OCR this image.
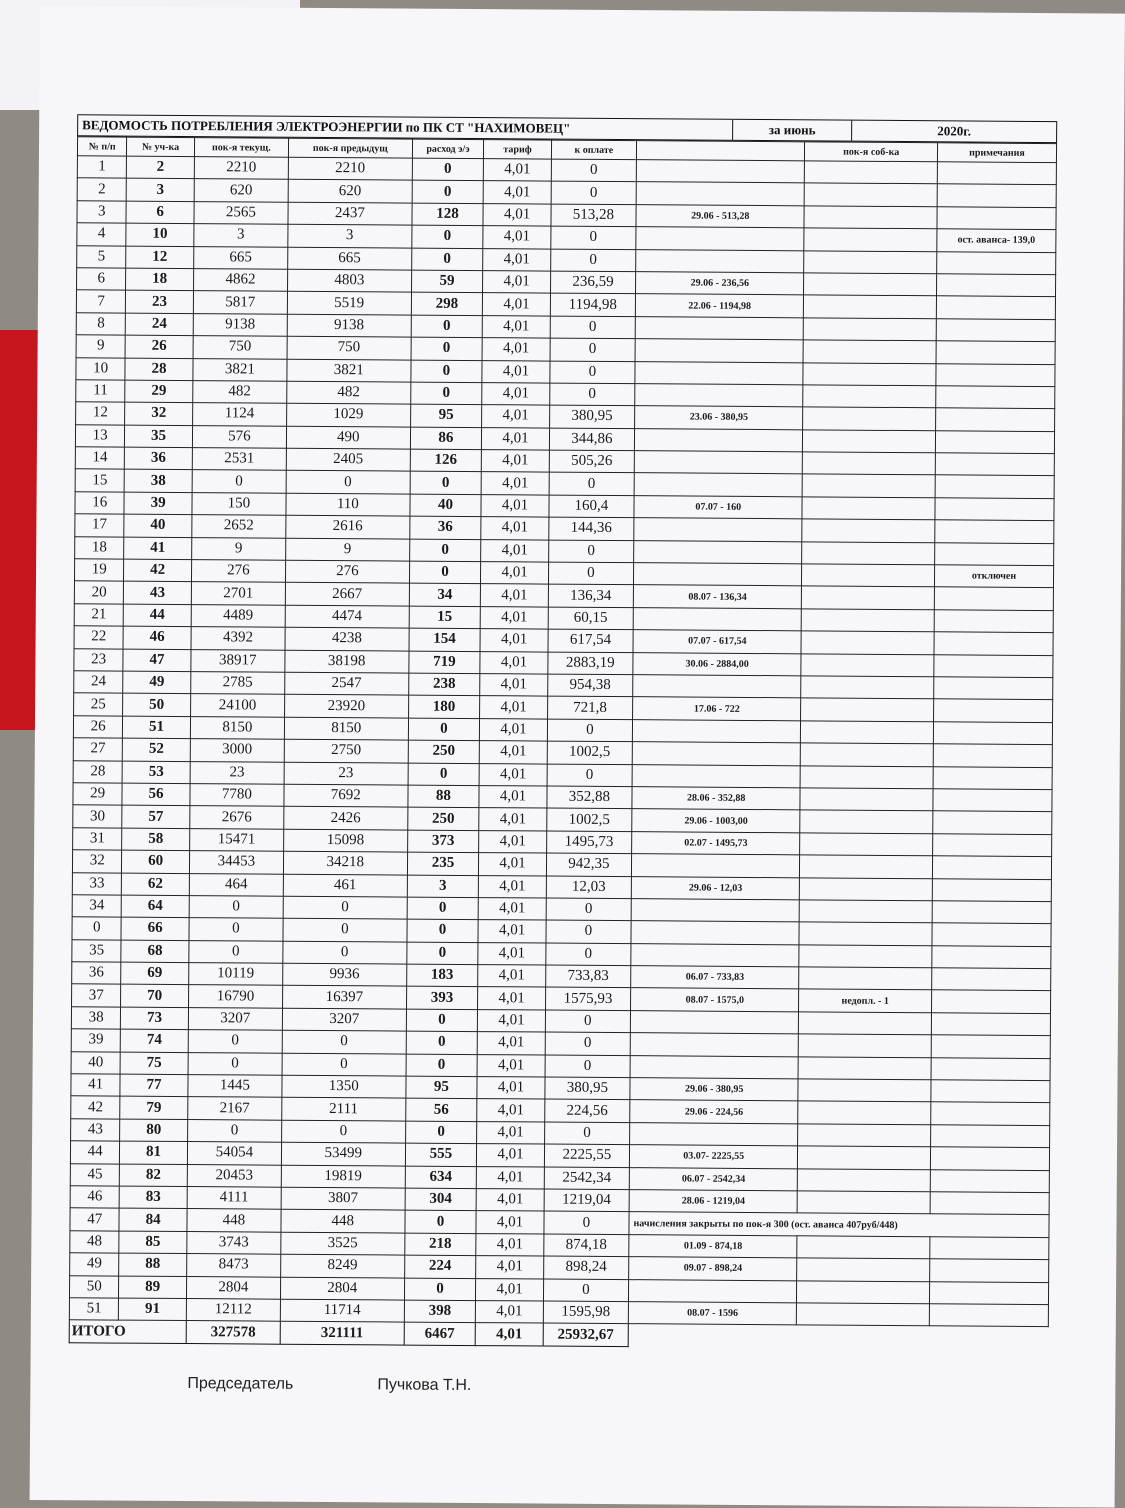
ВЕДОМОСТЬ ПОТРЕБЛЕНИЯ ЭЛЕКТРОЭНЕРГИИ по ПК СТ "НАХИМОВЕЦ"	за июнь	2020г.
№ п/п	№ уч-ка	пок-я текущ.	пок-я предыдущ	расход э/э	тариф	к оплате		пок-я соб-ка	примечания
1	2	2210	2210	0	4,01	0			
2	3	620	620	0	4,01	0			
3	6	2565	2437	128	4,01	513,28	29.06 - 513,28		
4	10	3	3	0	4,01	0			ост. аванса- 139,0
5	12	665	665	0	4,01	0			
6	18	4862	4803	59	4,01	236,59	29.06 - 236,56		
7	23	5817	5519	298	4,01	1194,98	22.06 - 1194,98		
8	24	9138	9138	0	4,01	0			
9	26	750	750	0	4,01	0			
10	28	3821	3821	0	4,01	0			
11	29	482	482	0	4,01	0			
12	32	1124	1029	95	4,01	380,95	23.06 - 380,95		
13	35	576	490	86	4,01	344,86			
14	36	2531	2405	126	4,01	505,26			
15	38	0	0	0	4,01	0			
16	39	150	110	40	4,01	160,4	07.07 - 160		
17	40	2652	2616	36	4,01	144,36			
18	41	9	9	0	4,01	0			
19	42	276	276	0	4,01	0			отключен
20	43	2701	2667	34	4,01	136,34	08.07 - 136,34		
21	44	4489	4474	15	4,01	60,15			
22	46	4392	4238	154	4,01	617,54	07.07 - 617,54		
23	47	38917	38198	719	4,01	2883,19	30.06 - 2884,00		
24	49	2785	2547	238	4,01	954,38			
25	50	24100	23920	180	4,01	721,8	17.06 - 722		
26	51	8150	8150	0	4,01	0			
27	52	3000	2750	250	4,01	1002,5			
28	53	23	23	0	4,01	0			
29	56	7780	7692	88	4,01	352,88	28.06 - 352,88		
30	57	2676	2426	250	4,01	1002,5	29.06 - 1003,00		
31	58	15471	15098	373	4,01	1495,73	02.07 - 1495,73		
32	60	34453	34218	235	4,01	942,35			
33	62	464	461	3	4,01	12,03	29.06 - 12,03		
34	64	0	0	0	4,01	0			
0	66	0	0	0	4,01	0			
35	68	0	0	0	4,01	0			
36	69	10119	9936	183	4,01	733,83	06.07 - 733,83		
37	70	16790	16397	393	4,01	1575,93	08.07 - 1575,0	недопл. - 1	
38	73	3207	3207	0	4,01	0			
39	74	0	0	0	4,01	0			
40	75	0	0	0	4,01	0			
41	77	1445	1350	95	4,01	380,95	29.06 - 380,95		
42	79	2167	2111	56	4,01	224,56	29.06 - 224,56		
43	80	0	0	0	4,01	0			
44	81	54054	53499	555	4,01	2225,55	03.07- 2225,55		
45	82	20453	19819	634	4,01	2542,34	06.07 - 2542,34		
46	83	4111	3807	304	4,01	1219,04	28.06 - 1219,04		
47	84	448	448	0	4,01	0	начисления закрыты по пок-я 300 (ост. аванса 407руб/448)		
48	85	3743	3525	218	4,01	874,18	01.09 - 874,18		
49	88	8473	8249	224	4,01	898,24	09.07 - 898,24		
50	89	2804	2804	0	4,01	0			
51	91	12112	11714	398	4,01	1595,98	08.07 - 1596		
ИТОГО		327578	321111	6467	4,01	25932,67			
Председатель	Пучкова Т.Н.
